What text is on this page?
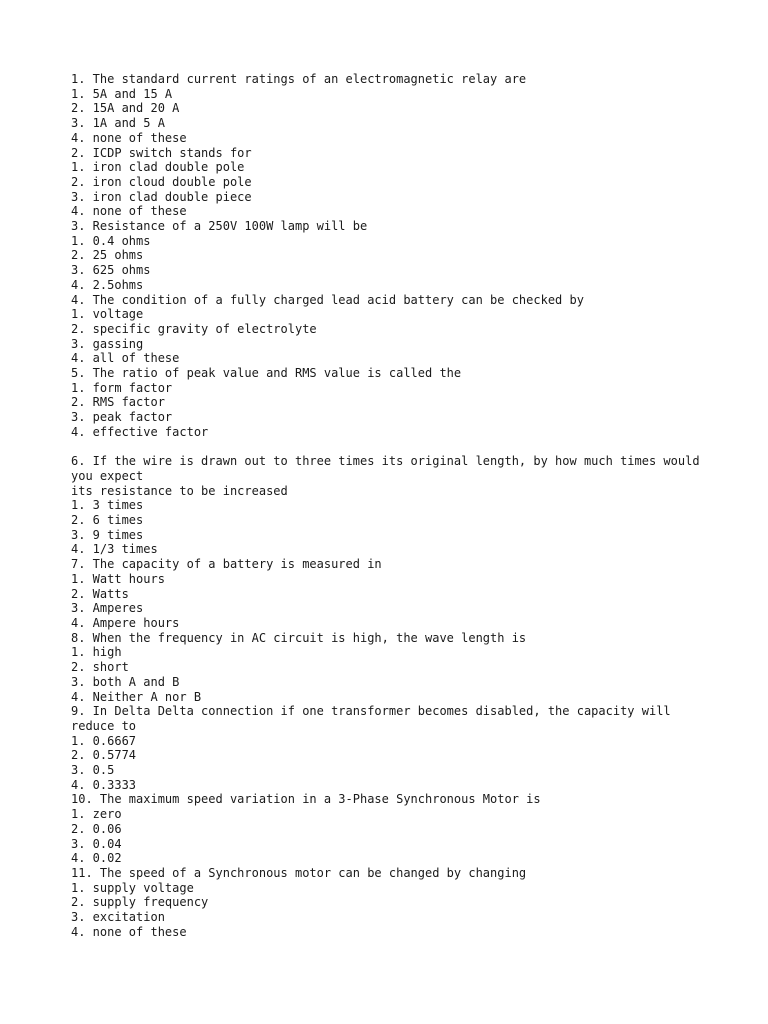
1. The standard current ratings of an electromagnetic relay are
1. 5A and 15 A
2. 15A and 20 A
3. 1A and 5 A
4. none of these
2. ICDP switch stands for
1. iron clad double pole
2. iron cloud double pole
3. iron clad double piece
4. none of these
3. Resistance of a 250V 100W lamp will be
1. 0.4 ohms
2. 25 ohms
3. 625 ohms
4. 2.5ohms
4. The condition of a fully charged lead acid battery can be checked by
1. voltage
2. specific gravity of electrolyte
3. gassing
4. all of these
5. The ratio of peak value and RMS value is called the
1. form factor
2. RMS factor
3. peak factor
4. effective factor
6. If the wire is drawn out to three times its original length, by how much times would you expect
its resistance to be increased
1. 3 times
2. 6 times
3. 9 times
4. 1/3 times
7. The capacity of a battery is measured in
1. Watt hours
2. Watts
3. Amperes
4. Ampere hours
8. When the frequency in AC circuit is high, the wave length is
1. high
2. short
3. both A and B
4. Neither A nor B
9. In Delta Delta connection if one transformer becomes disabled, the capacity will reduce to
1. 0.6667
2. 0.5774
3. 0.5
4. 0.3333
10. The maximum speed variation in a 3-Phase Synchronous Motor is
1. zero
2. 0.06
3. 0.04
4. 0.02
11. The speed of a Synchronous motor can be changed by changing
1. supply voltage
2. supply frequency
3. excitation
4. none of these
